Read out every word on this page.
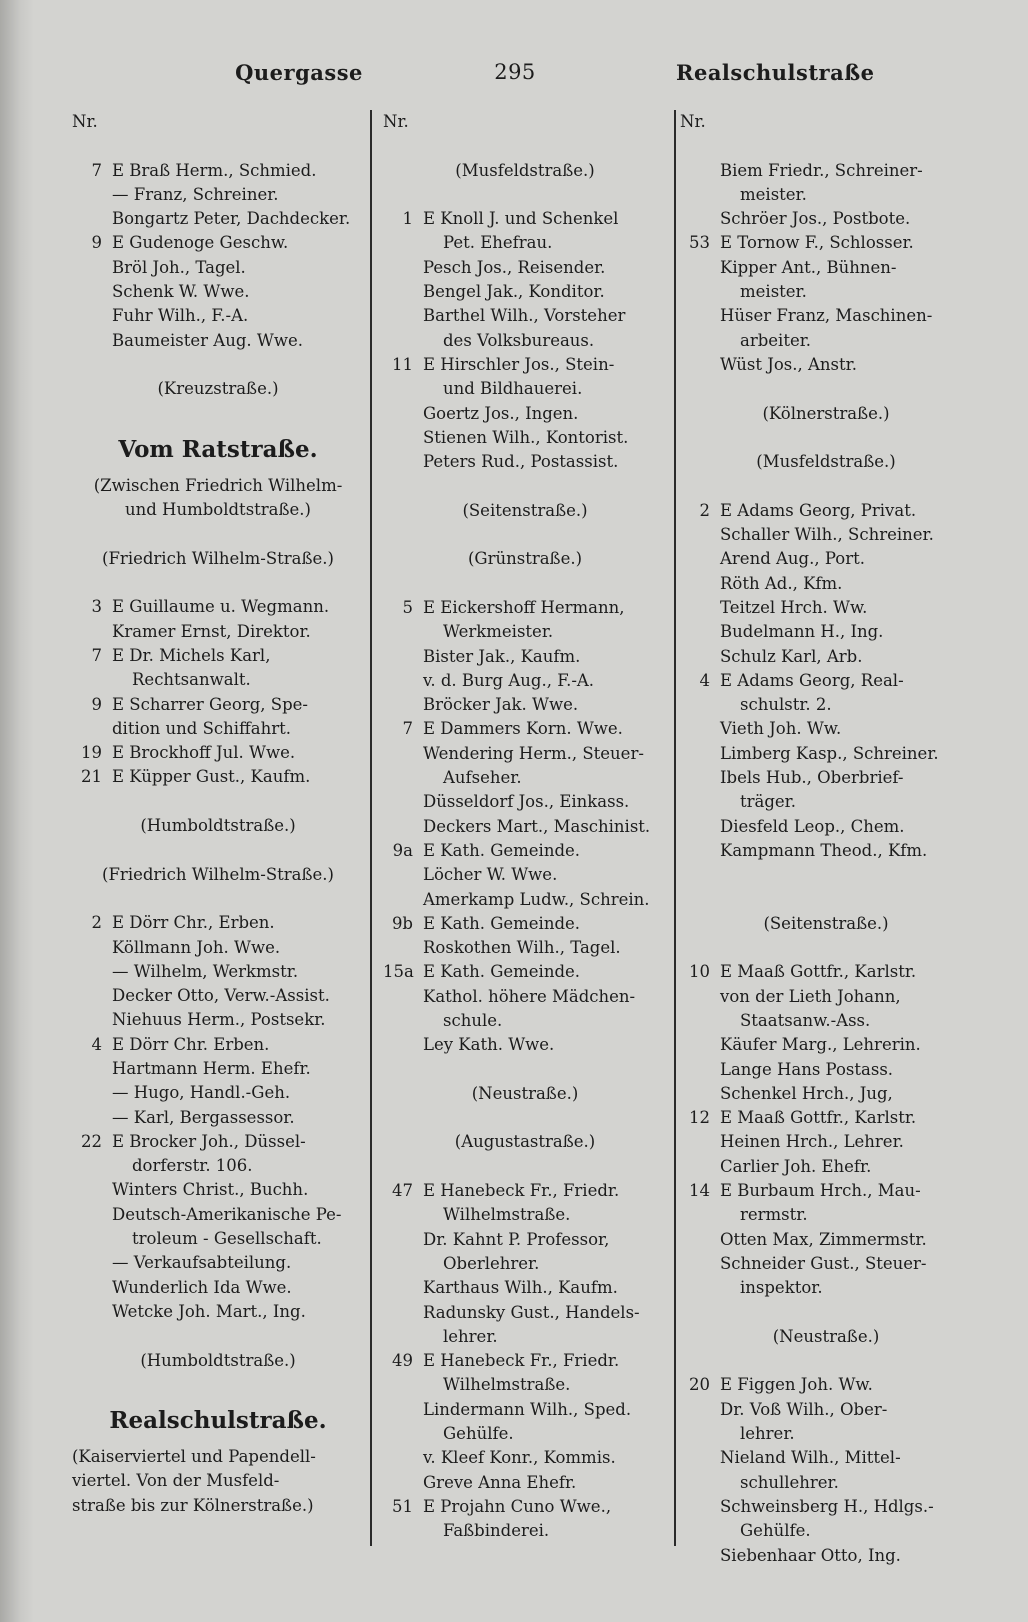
Quergasse	295	Realschulstraße
Nr.
7 E Braß Herm., Schmied.
— Franz, Schreiner.
Bongartz Peter, Dachdecker.
9 E Gudenoge Geschw.
Bröl Joh., Tagel.
Schenk W. Wwe.
Fuhr Wilh., F.-A.
Baumeister Aug. Wwe.
(Kreuzstraße.)
Vom Ratstraße.
(Zwischen Friedrich Wilhelm-
und Humboldtstraße.)
(Friedrich Wilhelm-Straße.)
3 E Guillaume u. Wegmann.
Kramer Ernst, Direktor.
7 E Dr. Michels Karl,
Rechtsanwalt.
9 E Scharrer Georg, Spe-
dition und Schiffahrt.
19 E Brockhoff Jul. Wwe.
21 E Küpper Gust., Kaufm.
(Humboldtstraße.)
(Friedrich Wilhelm-Straße.)
2 E Dörr Chr., Erben.
Köllmann Joh. Wwe.
— Wilhelm, Werkmstr.
Decker Otto, Verw.-Assist.
Niehuus Herm., Postsekr.
4 E Dörr Chr. Erben.
Hartmann Herm. Ehefr.
— Hugo, Handl.-Geh.
— Karl, Bergassessor.
22 E Brocker Joh., Düssel-
dorferstr. 106.
Winters Christ., Buchh.
Deutsch-Amerikanische Pe-
troleum - Gesellschaft.
— Verkaufsabteilung.
Wunderlich Ida Wwe.
Wetcke Joh. Mart., Ing.
(Humboldtstraße.)
Realschulstraße.
(Kaiserviertel und Papendell-
viertel. Von der Musfeld-
straße bis zur Kölnerstraße.)
Nr.
(Musfeldstraße.)
1 E Knoll J. und Schenkel
Pet. Ehefrau.
Pesch Jos., Reisender.
Bengel Jak., Konditor.
Barthel Wilh., Vorsteher
des Volksbureaus.
11 E Hirschler Jos., Stein-
und Bildhauerei.
Goertz Jos., Ingen.
Stienen Wilh., Kontorist.
Peters Rud., Postassist.
(Seitenstraße.)
(Grünstraße.)
5 E Eickershoff Hermann,
Werkmeister.
Bister Jak., Kaufm.
v. d. Burg Aug., F.-A.
Bröcker Jak. Wwe.
7 E Dammers Korn. Wwe.
Wendering Herm., Steuer-
Aufseher.
Düsseldorf Jos., Einkass.
Deckers Mart., Maschinist.
9a E Kath. Gemeinde.
Löcher W. Wwe.
Amerkamp Ludw., Schrein.
9b E Kath. Gemeinde.
Roskothen Wilh., Tagel.
15a E Kath. Gemeinde.
Kathol. höhere Mädchen-
schule.
Ley Kath. Wwe.
(Neustraße.)
(Augustastraße.)
47 E Hanebeck Fr., Friedr.
Wilhelmstraße.
Dr. Kahnt P. Professor,
Oberlehrer.
Karthaus Wilh., Kaufm.
Radunsky Gust., Handels-
lehrer.
49 E Hanebeck Fr., Friedr.
Wilhelmstraße.
Lindermann Wilh., Sped.
Gehülfe.
v. Kleef Konr., Kommis.
Greve Anna Ehefr.
51 E Projahn Cuno Wwe.,
Faßbinderei.
Nr.
Biem Friedr., Schreiner-
meister.
Schröer Jos., Postbote.
53 E Tornow F., Schlosser.
Kipper Ant., Bühnen-
meister.
Hüser Franz, Maschinen-
arbeiter.
Wüst Jos., Anstr.
(Kölnerstraße.)
(Musfeldstraße.)
2 E Adams Georg, Privat.
Schaller Wilh., Schreiner.
Arend Aug., Port.
Röth Ad., Kfm.
Teitzel Hrch. Ww.
Budelmann H., Ing.
Schulz Karl, Arb.
4 E Adams Georg, Real-
schulstr. 2.
Vieth Joh. Ww.
Limberg Kasp., Schreiner.
Ibels Hub., Oberbrief-
träger.
Diesfeld Leop., Chem.
Kampmann Theod., Kfm.
(Seitenstraße.)
10 E Maaß Gottfr., Karlstr.
von der Lieth Johann,
Staatsanw.-Ass.
Käufer Marg., Lehrerin.
Lange Hans Postass.
Schenkel Hrch., Jug,
12 E Maaß Gottfr., Karlstr.
Heinen Hrch., Lehrer.
Carlier Joh. Ehefr.
14 E Burbaum Hrch., Mau-
rermstr.
Otten Max, Zimmermstr.
Schneider Gust., Steuer-
inspektor.
(Neustraße.)
20 E Figgen Joh. Ww.
Dr. Voß Wilh., Ober-
lehrer.
Nieland Wilh., Mittel-
schullehrer.
Schweinsberg H., Hdlgs.-
Gehülfe.
Siebenhaar Otto, Ing.
